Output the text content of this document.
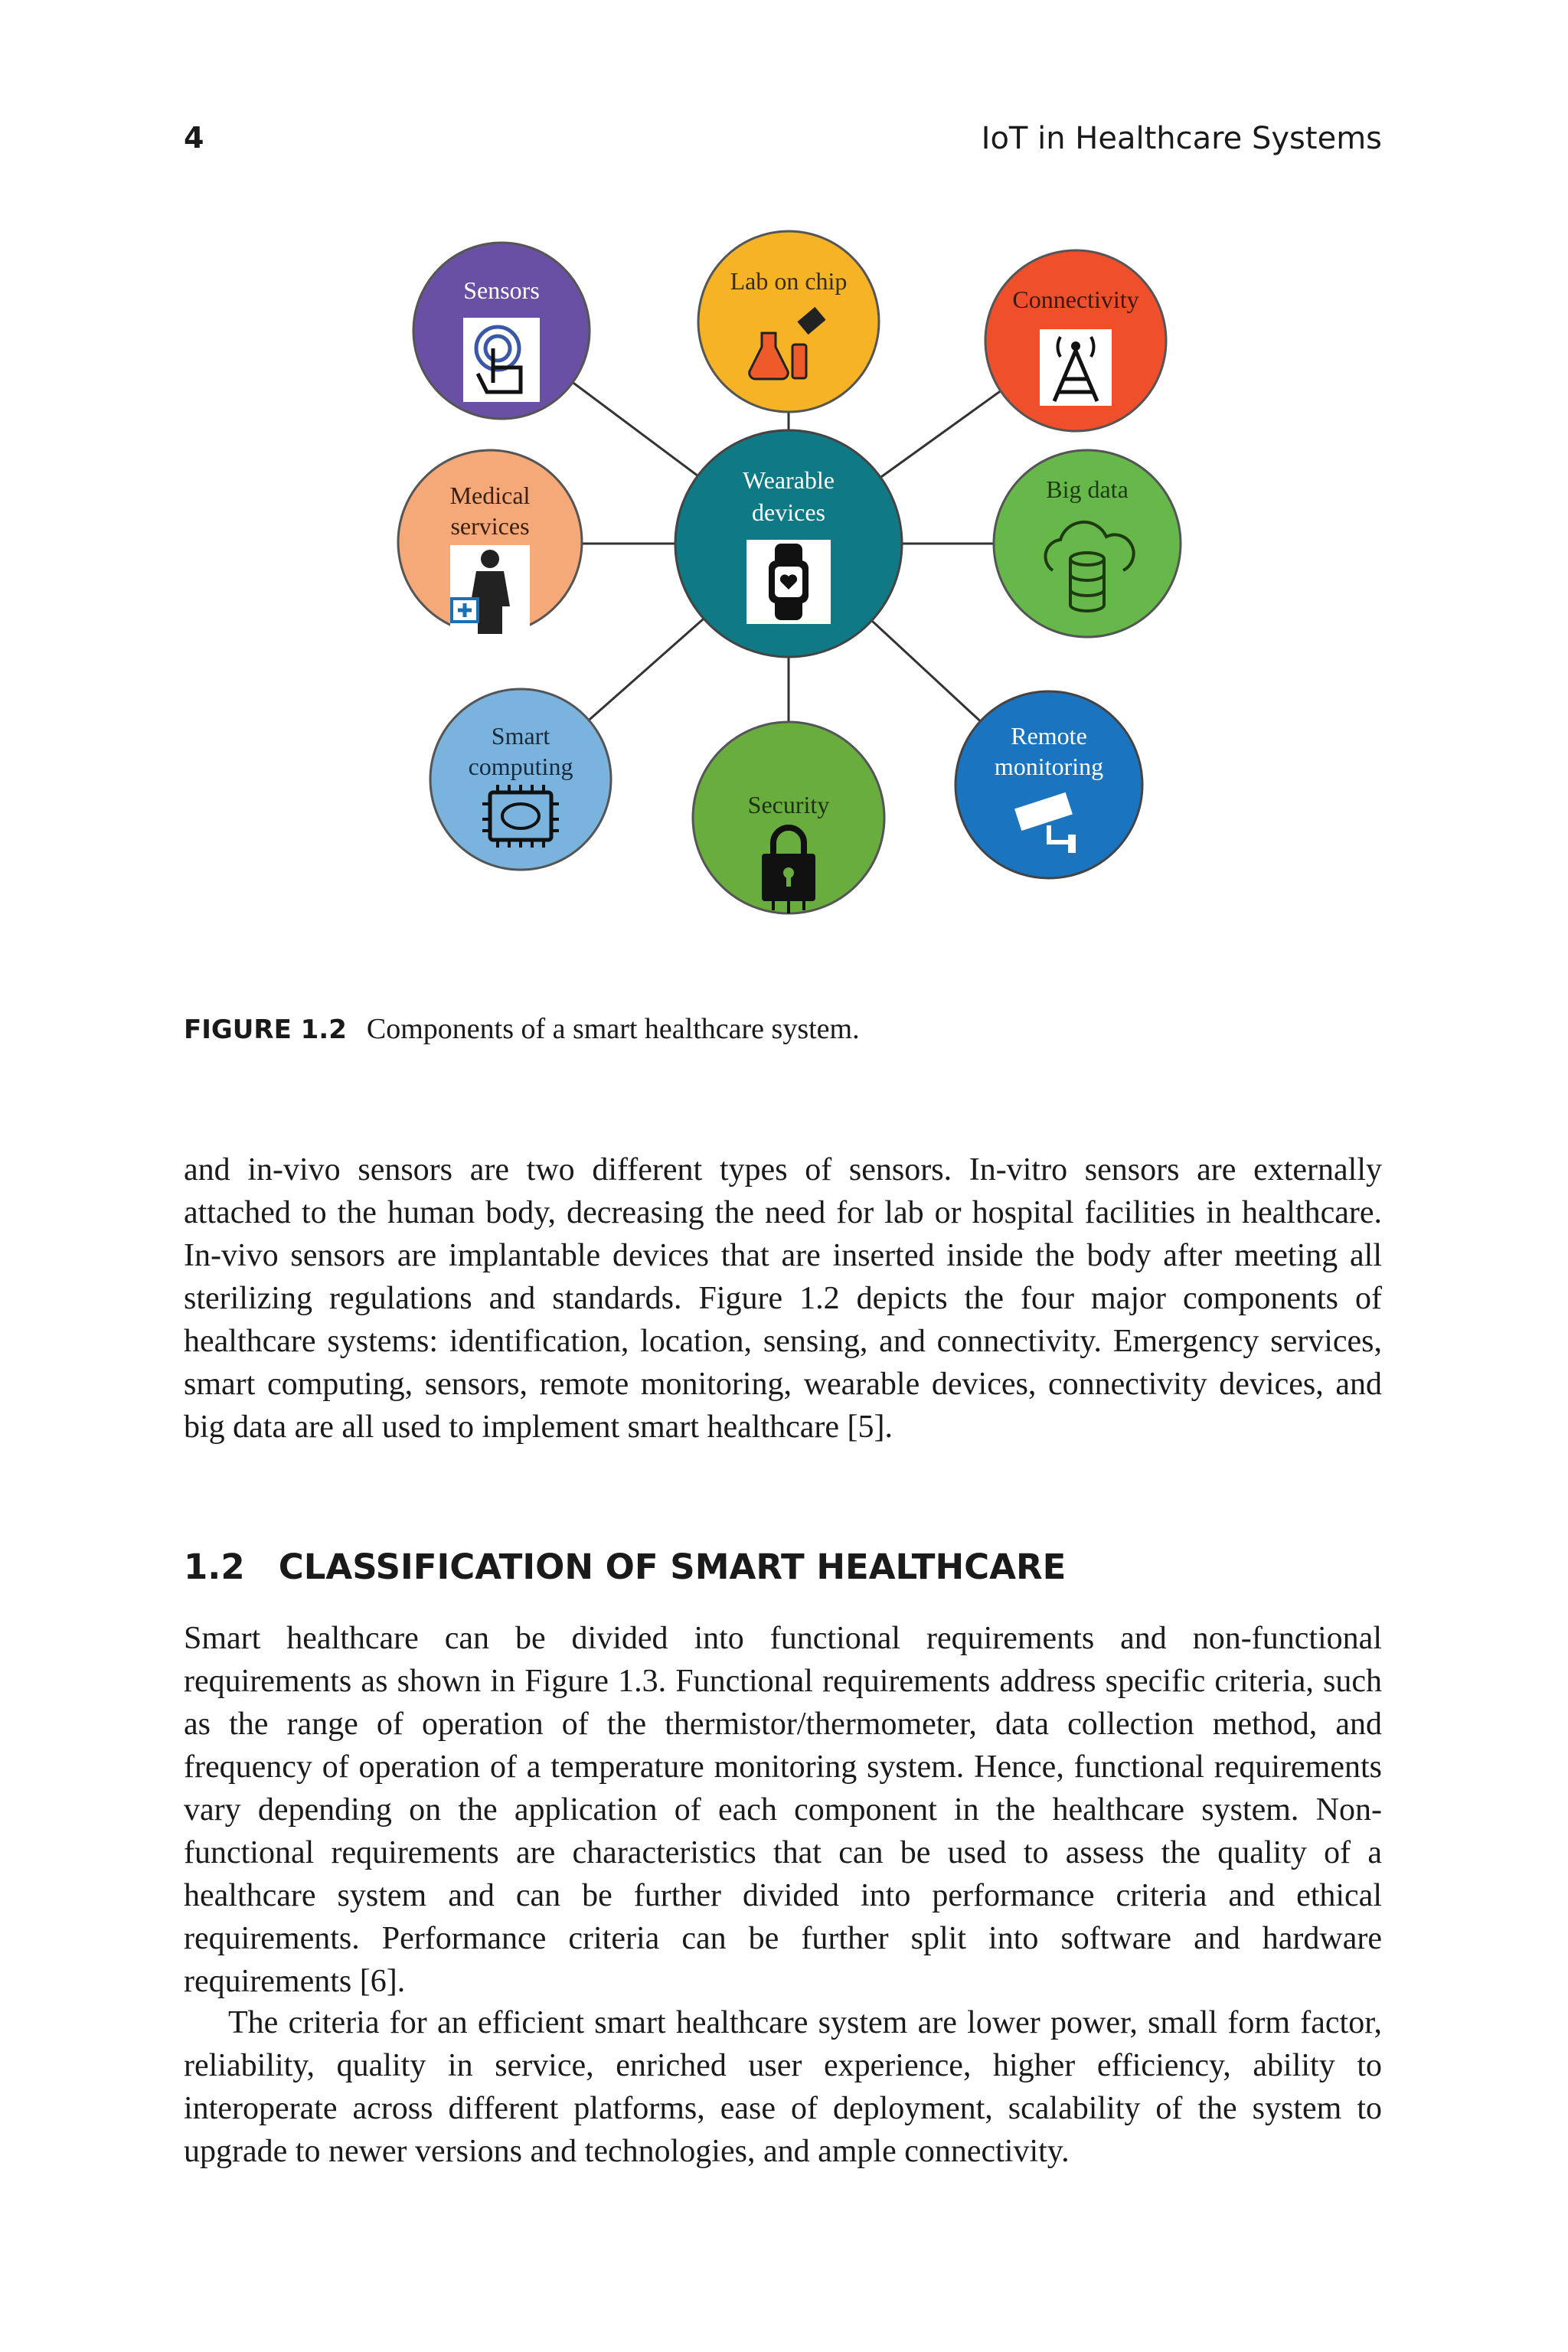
4	IoT in Healthcare Systems
Lab on chip
Sensors	Connectivity
Medical
services
Wearable
devices
Big data
Smart
computing
Security
Remote
monitoring
FIGURE 1.2 Components of a smart healthcare system.

and in-vivo sensors are two different types of sensors. In-vitro sensors are externally attached to the human body, decreasing the need for lab or hospital facilities in healthcare. In-vivo sensors are implantable devices that are inserted inside the body after meeting all sterilizing regulations and standards. Figure 1.2 depicts the four major components of healthcare systems: identification, location, sensing, and connectivity. Emergency services, smart computing, sensors, remote monitoring, wearable devices, connectivity devices, and big data are all used to implement smart healthcare [5].

1.2 CLASSIFICATION OF SMART HEALTHCARE

Smart healthcare can be divided into functional requirements and non-functional requirements as shown in Figure 1.3. Functional requirements address specific criteria, such as the range of operation of the thermistor/thermometer, data collection method, and frequency of operation of a temperature monitoring system. Hence, functional requirements vary depending on the application of each component in the healthcare system. Non-functional requirements are characteristics that can be used to assess the quality of a healthcare system and can be further divided into performance criteria and ethical requirements. Performance criteria can be further split into software and hardware requirements [6].

The criteria for an efficient smart healthcare system are lower power, small form factor, reliability, quality in service, enriched user experience, higher efficiency, ability to interoperate across different platforms, ease of deployment, scalability of the system to upgrade to newer versions and technologies, and ample connectivity.
